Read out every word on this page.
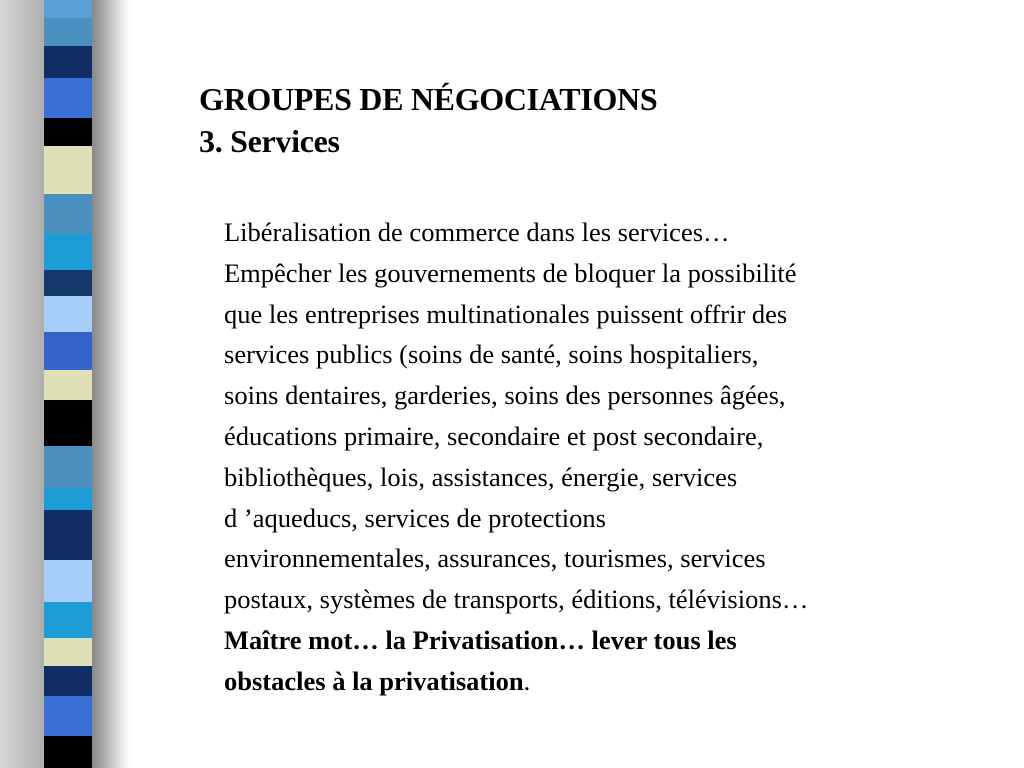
GROUPES DE NÉGOCIATIONS
3. Services
Libéralisation de commerce dans les services…
Empêcher les gouvernements de bloquer la possibilité
que les entreprises multinationales puissent offrir des
services publics (soins de santé, soins hospitaliers,
soins dentaires, garderies, soins des personnes âgées,
éducations primaire, secondaire et post secondaire,
bibliothèques, lois, assistances, énergie, services
d ’aqueducs, services de protections
environnementales, assurances, tourismes, services
postaux, systèmes de transports, éditions, télévisions…
Maître mot… la Privatisation… lever tous les
obstacles à la privatisation.
